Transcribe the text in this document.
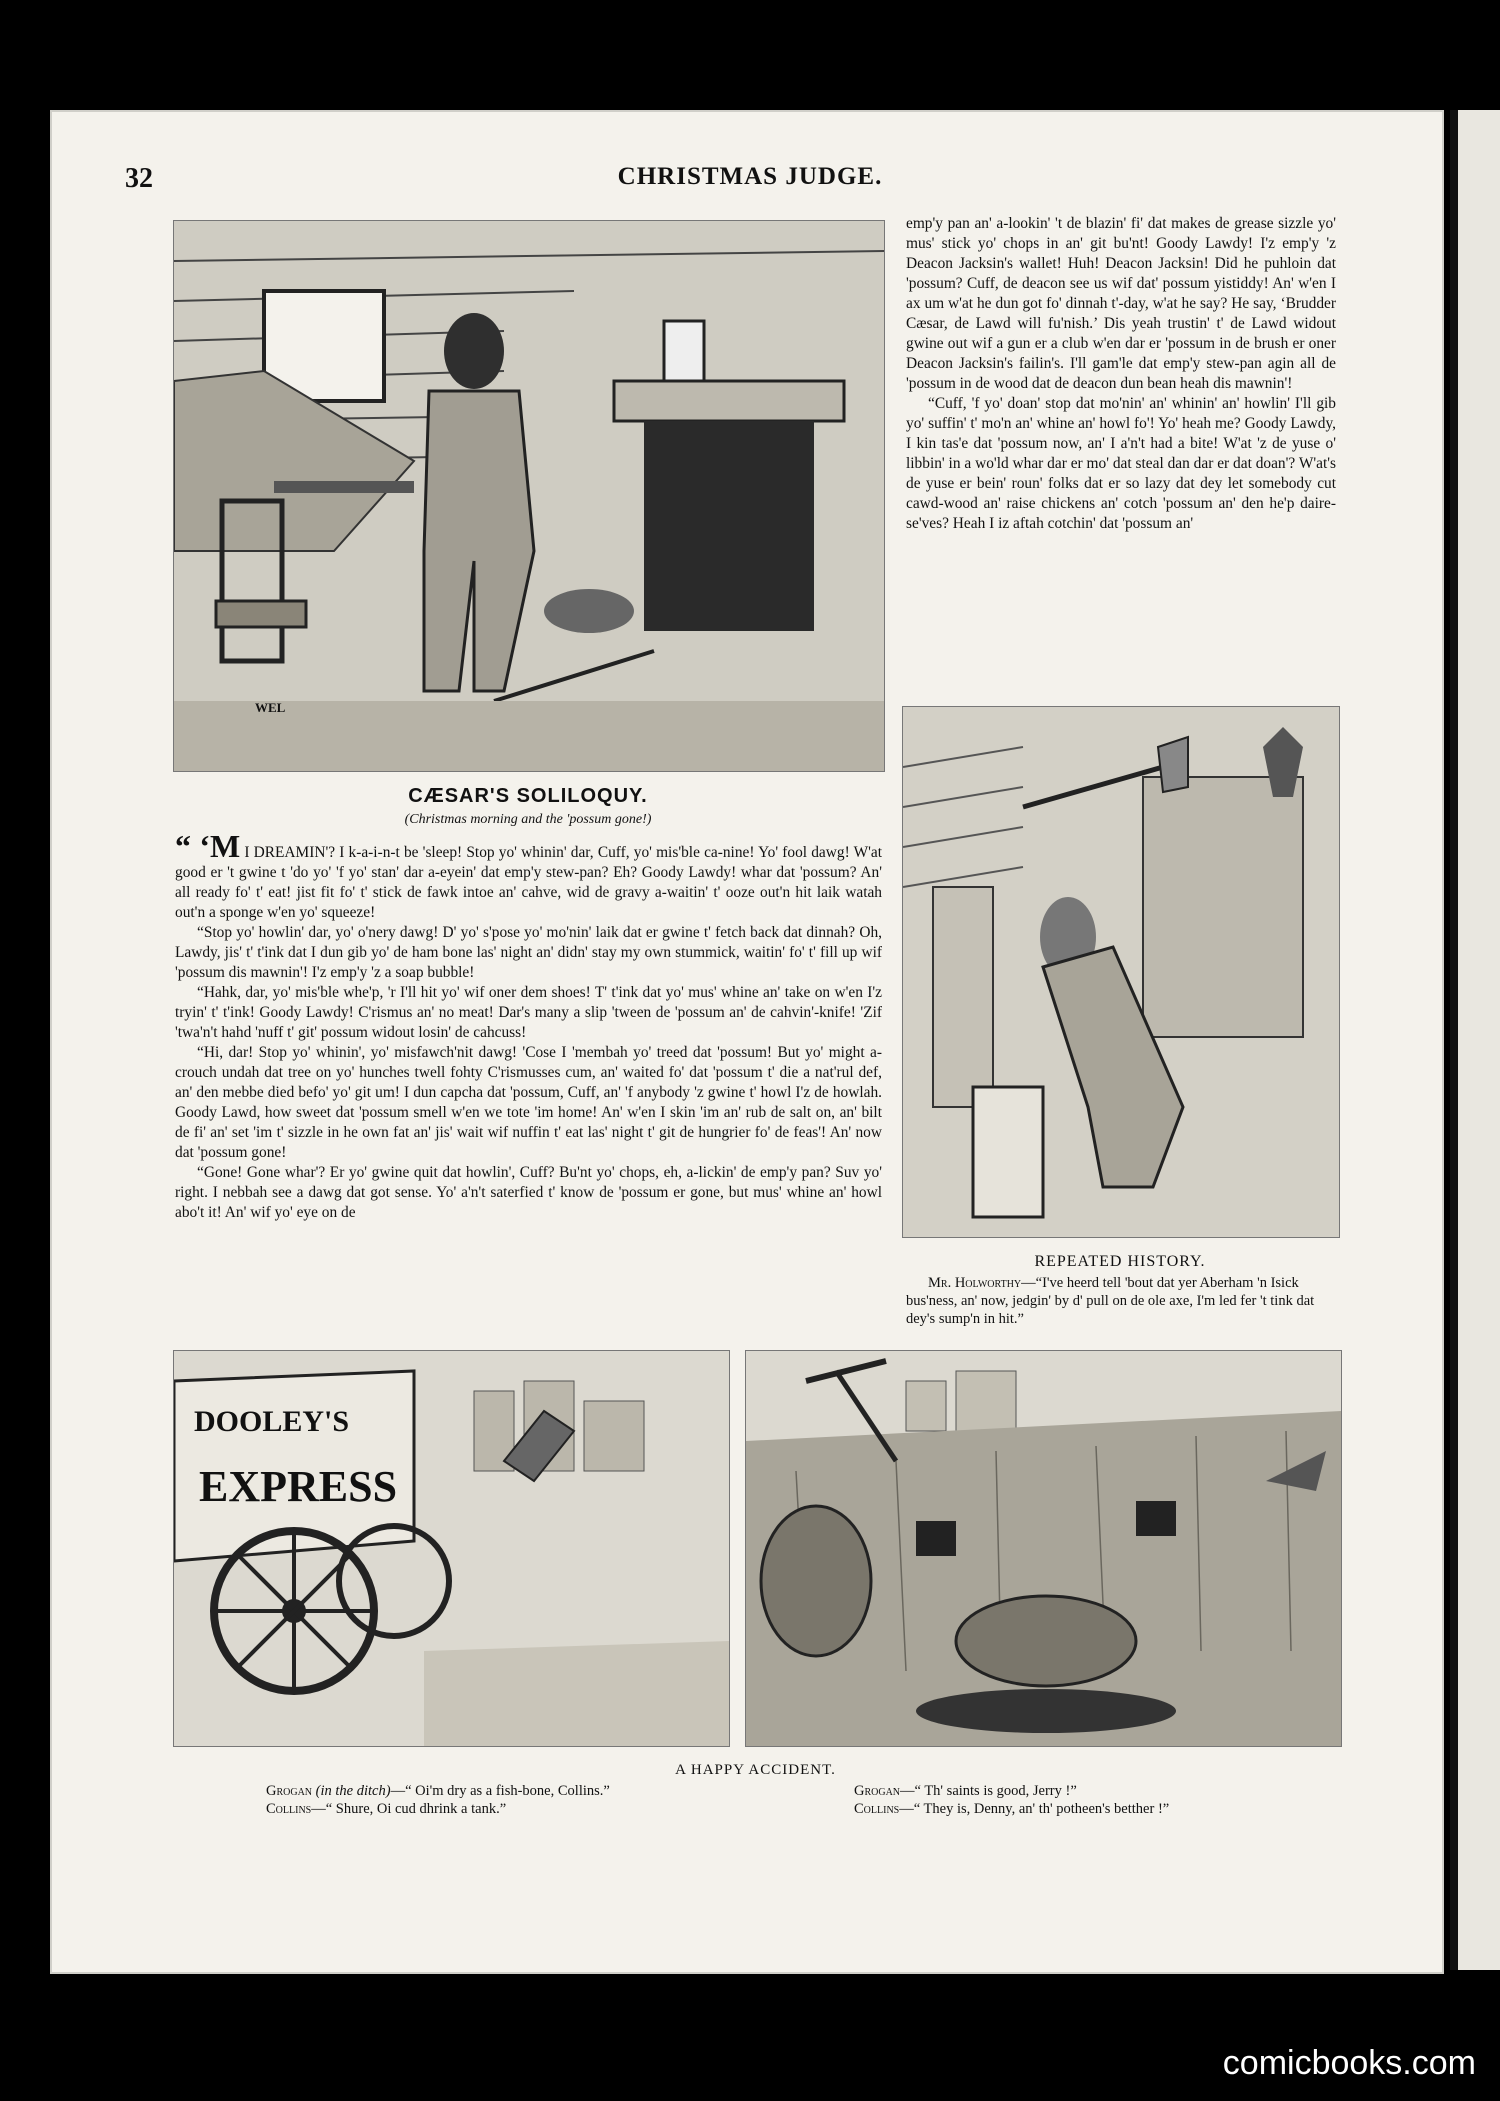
32	CHRISTMAS JUDGE.
WEL
CÆSAR'S SOLILOQUY.
(Christmas morning and the 'possum gone!)

“ ‘M I DREAMIN'? I k-a-i-n-t be 'sleep! Stop yo' whinin' dar, Cuff, yo' mis'ble ca-nine! Yo' fool dawg! W'at good er 't gwine t 'do yo' 'f yo' stan' dar a-eyein' dat emp'y stew-pan? Eh? Goody Lawdy! whar dat 'possum? An' all ready fo' t' eat! jist fit fo' t' stick de fawk intoe an' cahve, wid de gravy a-waitin' t' ooze out'n hit laik watah out'n a sponge w'en yo' squeeze!

“Stop yo' howlin' dar, yo' o'nery dawg! D' yo' s'pose yo' mo'nin' laik dat er gwine t' fetch back dat dinnah? Oh, Lawdy, jis' t' t'ink dat I dun gib yo' de ham bone las' night an' didn' stay my own stummick, waitin' fo' t' fill up wif 'possum dis mawnin'! I'z emp'y 'z a soap bubble!

“Hahk, dar, yo' mis'ble whe'p, 'r I'll hit yo' wif oner dem shoes! T' t'ink dat yo' mus' whine an' take on w'en I'z tryin' t' t'ink! Goody Lawdy! C'rismus an' no meat! Dar's many a slip 'tween de 'possum an' de cahvin'-knife! 'Zif 'twa'n't hahd 'nuff t' git' possum widout losin' de cahcuss!

“Hi, dar! Stop yo' whinin', yo' misfawch'nit dawg! 'Cose I 'membah yo' treed dat 'possum! But yo' might a-crouch undah dat tree on yo' hunches twell fohty C'rismusses cum, an' waited fo' dat 'possum t' die a nat'rul def, an' den mebbe died befo' yo' git um! I dun capcha dat 'possum, Cuff, an' 'f anybody 'z gwine t' howl I'z de howlah. Goody Lawd, how sweet dat 'possum smell w'en we tote 'im home! An' w'en I skin 'im an' rub de salt on, an' bilt de fi' an' set 'im t' sizzle in he own fat an' jis' wait wif nuffin t' eat las' night t' git de hungrier fo' de feas'! An' now dat 'possum gone!

“Gone! Gone whar'? Er yo' gwine quit dat howlin', Cuff? Bu'nt yo' chops, eh, a-lickin' de emp'y pan? Suv yo' right. I nebbah see a dawg dat got sense. Yo' a'n't saterfied t' know de 'possum er gone, but mus' whine an' howl abo't it! An' wif yo' eye on de

emp'y pan an' a-lookin' 't de blazin' fi' dat makes de grease sizzle yo' mus' stick yo' chops in an' git bu'nt! Goody Lawdy! I'z emp'y 'z Deacon Jacksin's wallet! Huh! Deacon Jacksin! Did he puhloin dat 'possum? Cuff, de deacon see us wif dat' possum yistiddy! An' w'en I ax um w'at he dun got fo' dinnah t'-day, w'at he say? He say, ‘Brudder Cæsar, de Lawd will fu'nish.’ Dis yeah trustin' t' de Lawd widout gwine out wif a gun er a club w'en dar er 'possum in de brush er oner Deacon Jacksin's failin's. I'll gam'le dat emp'y stew-pan agin all de 'possum in de wood dat de deacon dun bean heah dis mawnin'!

“Cuff, 'f yo' doan' stop dat mo'nin' an' whinin' an' howlin' I'll gib yo' suffin' t' mo'n an' whine an' howl fo'! Yo' heah me? Goody Lawdy, I kin tas'e dat 'possum now, an' I a'n't had a bite! W'at 'z de yuse o' libbin' in a wo'ld whar dar er mo' dat steal dan dar er dat doan'? W'at's de yuse er bein' roun' folks dat er so lazy dat dey let somebody cut cawd-wood an' raise chickens an' cotch 'possum an' den he'p daire-se'ves? Heah I iz aftah cotchin' dat 'possum an'

REPEATED HISTORY.
Mr. Holworthy—“I've heerd tell 'bout dat yer Aberham 'n Isick bus'ness, an' now, jedgin' by d' pull on de ole axe, I'm led fer 't tink dat dey's sump'n in hit.”
DOOLEY'S
EXPRESS
A HAPPY ACCIDENT.
Grogan (in the ditch)—“ Oi'm dry as a fish-bone, Collins.”
Collins—“ Shure, Oi cud dhrink a tank.”
Grogan—“ Th' saints is good, Jerry !”
Collins—“ They is, Denny, an' th' potheen's betther !”
comicbooks.com
